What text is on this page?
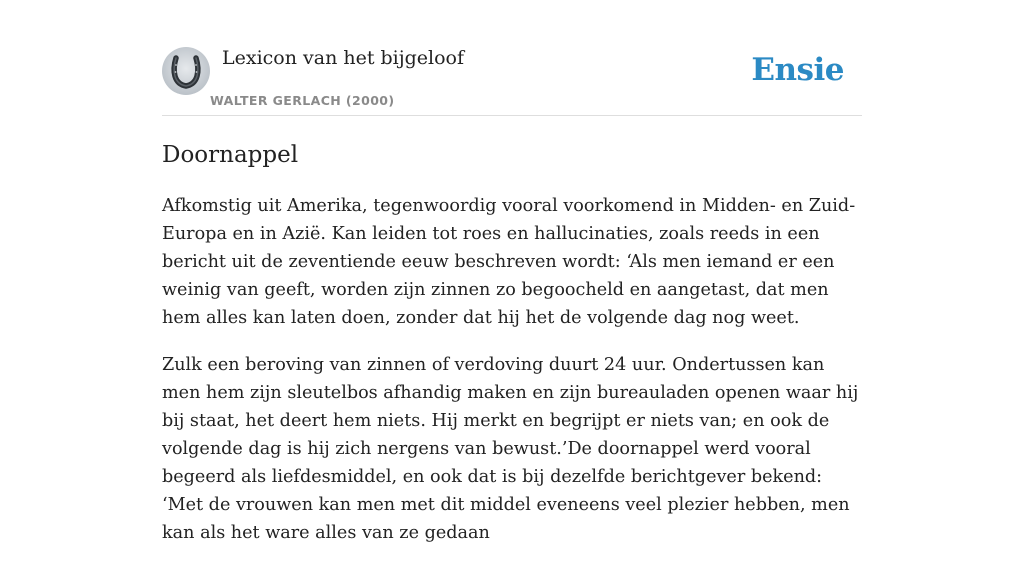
Lexicon van het bijgeloof
WALTER GERLACH (2000)
Ensie
Doornappel

Afkomstig uit Amerika, tegenwoordig vooral voorkomend in Midden- en Zuid-Europa en in Azië. Kan leiden tot roes en hallucinaties, zoals reeds in een bericht uit de zeventiende eeuw beschreven wordt: ‘Als men iemand er een weinig van geeft, worden zijn zinnen zo begoocheld en aangetast, dat men hem alles kan laten doen, zonder dat hij het de volgende dag nog weet.

Zulk een beroving van zinnen of verdoving duurt 24 uur. Ondertussen kan men hem zijn sleutelbos afhandig maken en zijn bureauladen openen waar hij bij staat, het deert hem niets. Hij merkt en begrijpt er niets van; en ook de volgende dag is hij zich nergens van bewust.’De doornappel werd vooral begeerd als liefdesmiddel, en ook dat is bij dezelfde berichtgever bekend: ‘Met de vrouwen kan men met dit middel eveneens veel plezier hebben, men kan als het ware alles van ze gedaan
